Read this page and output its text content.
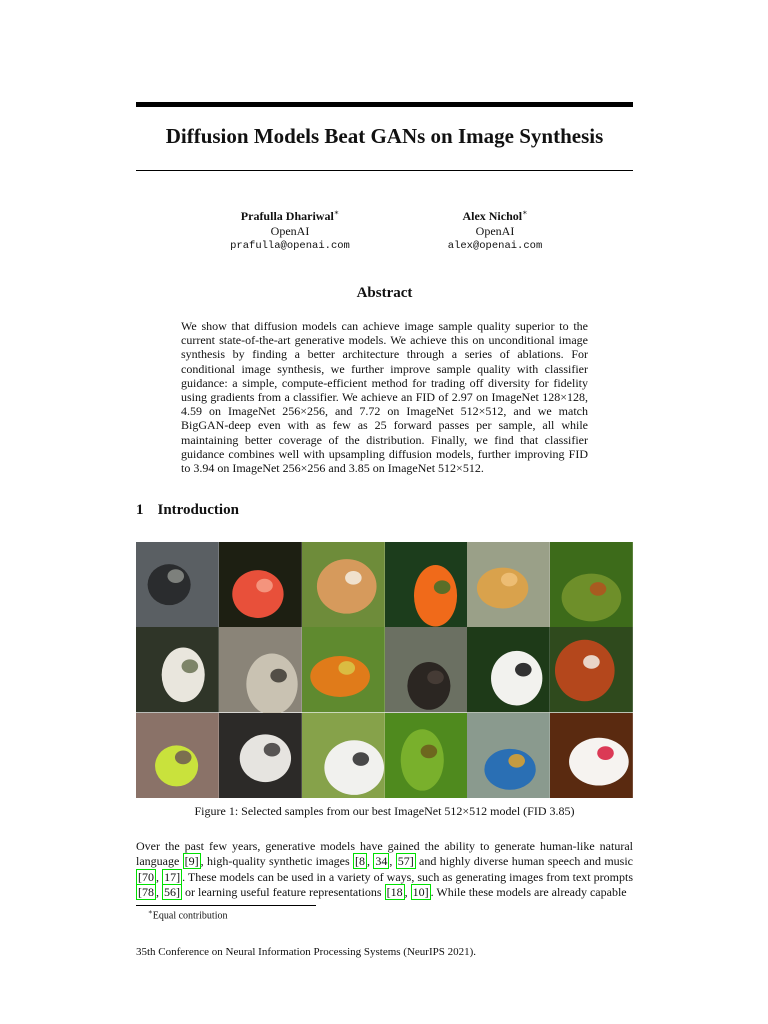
Diffusion Models Beat GANs on Image Synthesis
Prafulla Dhariwal∗
OpenAI
prafulla@openai.com
Alex Nichol∗
OpenAI
alex@openai.com
Abstract
We show that diffusion models can achieve image sample quality superior to the current state-of-the-art generative models. We achieve this on unconditional image synthesis by finding a better architecture through a series of ablations. For conditional image synthesis, we further improve sample quality with classifier guidance: a simple, compute-efficient method for trading off diversity for fidelity using gradients from a classifier. We achieve an FID of 2.97 on ImageNet 128×128, 4.59 on ImageNet 256×256, and 7.72 on ImageNet 512×512, and we match BigGAN-deep even with as few as 25 forward passes per sample, all while maintaining better coverage of the distribution. Finally, we find that classifier guidance combines well with upsampling diffusion models, further improving FID to 3.94 on ImageNet 256×256 and 3.85 on ImageNet 512×512.
1 Introduction
Figure 1: Selected samples from our best ImageNet 512×512 model (FID 3.85)
Over the past few years, generative models have gained the ability to generate human-like natural language [9] , high-quality synthetic images [8 , 34 , 57] and highly diverse human speech and music [70 , 17] . These models can be used in a variety of ways, such as generating images from text prompts [78 , 56] or learning useful feature representations [18 , 10] . While these models are already capable
∗Equal contribution
35th Conference on Neural Information Processing Systems (NeurIPS 2021).
